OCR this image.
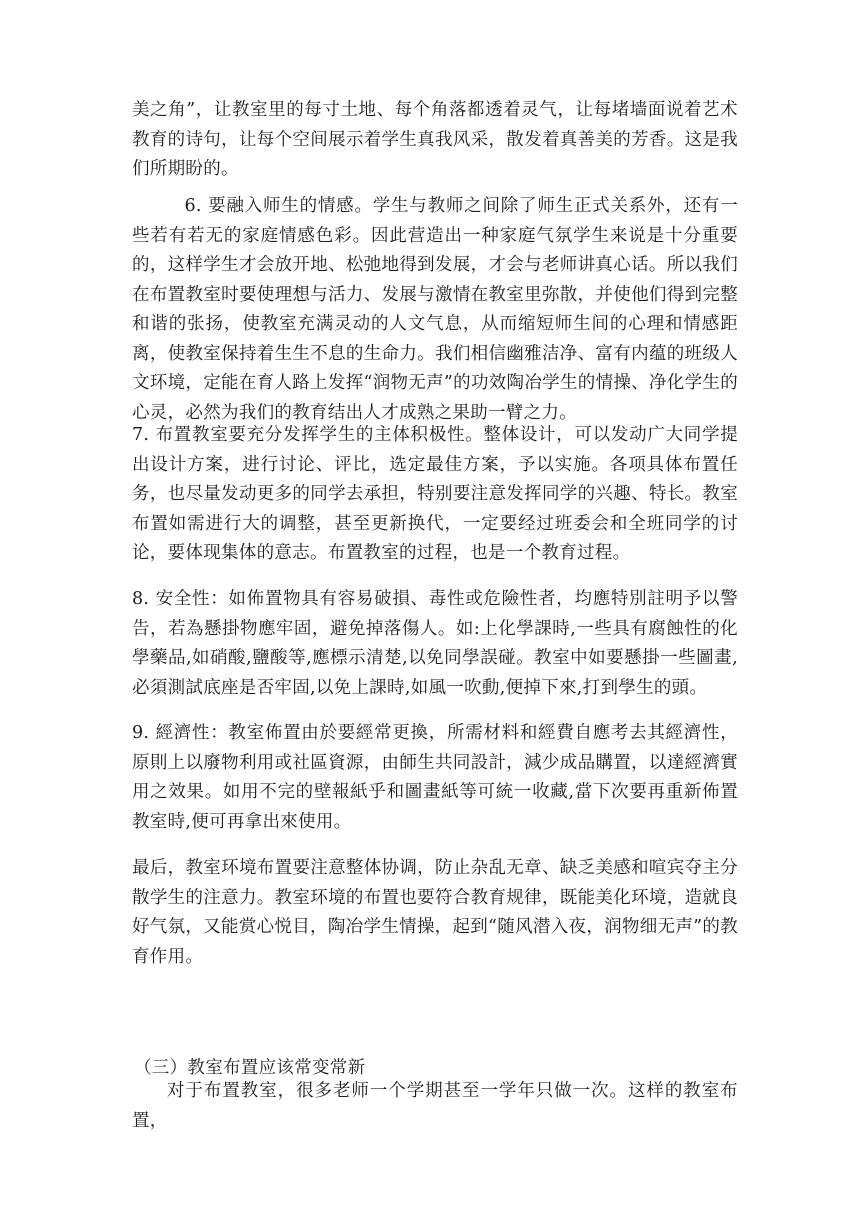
美之角”，让教室里的每寸土地、每个角落都透着灵气，让每堵墙面说着艺术教育的诗句，让每个空间展示着学生真我风采，散发着真善美的芳香。这是我们所期盼的。

6. 要融入师生的情感。学生与教师之间除了师生正式关系外，还有一些若有若无的家庭情感色彩。因此营造出一种家庭气氛学生来说是十分重要的，这样学生才会放开地、松弛地得到发展，才会与老师讲真心话。所以我们在布置教室时要使理想与活力、发展与激情在教室里弥散，并使他们得到完整和谐的张扬，使教室充满灵动的人文气息，从而缩短师生间的心理和情感距离，使教室保持着生生不息的生命力。我们相信幽雅洁净、富有内蕴的班级人文环境，定能在育人路上发挥“润物无声”的功效陶冶学生的情操、净化学生的心灵，必然为我们的教育结出人才成熟之果助一臂之力。

7. 布置教室要充分发挥学生的主体积极性。整体设计，可以发动广大同学提出设计方案，进行讨论、评比，选定最佳方案，予以实施。各项具体布置任务，也尽量发动更多的同学去承担，特别要注意发挥同学的兴趣、特长。教室布置如需进行大的调整，甚至更新换代，一定要经过班委会和全班同学的讨论，要体现集体的意志。布置教室的过程，也是一个教育过程。

8. 安全性：如佈置物具有容易破損、毒性或危險性者，均應特別註明予以警告，若為懸掛物應牢固，避免掉落傷人。如:上化學課時,一些具有腐蝕性的化學藥品,如硝酸,鹽酸等,應標示清楚,以免同學誤碰。教室中如要懸掛一些圖畫,必須測試底座是否牢固,以免上課時,如風一吹動,便掉下來,打到學生的頭。

9. 經濟性：教室佈置由於要經常更換，所需材料和經費自應考去其經濟性，原則上以廢物利用或社區資源，由師生共同設計，減少成品購置，以達經濟實用之效果。如用不完的壁報紙乎和圖畫紙等可統一收藏,當下次要再重新佈置教室時,便可再拿出來使用。

最后，教室环境布置要注意整体协调，防止杂乱无章、缺乏美感和喧宾夺主分散学生的注意力。教室环境的布置也要符合教育规律，既能美化环境，造就良好气氛，又能赏心悦目，陶冶学生情操，起到“随风潜入夜，润物细无声”的教育作用。

（三）教室布置应该常变常新

对于布置教室，很多老师一个学期甚至一学年只做一次。这样的教室布置，
